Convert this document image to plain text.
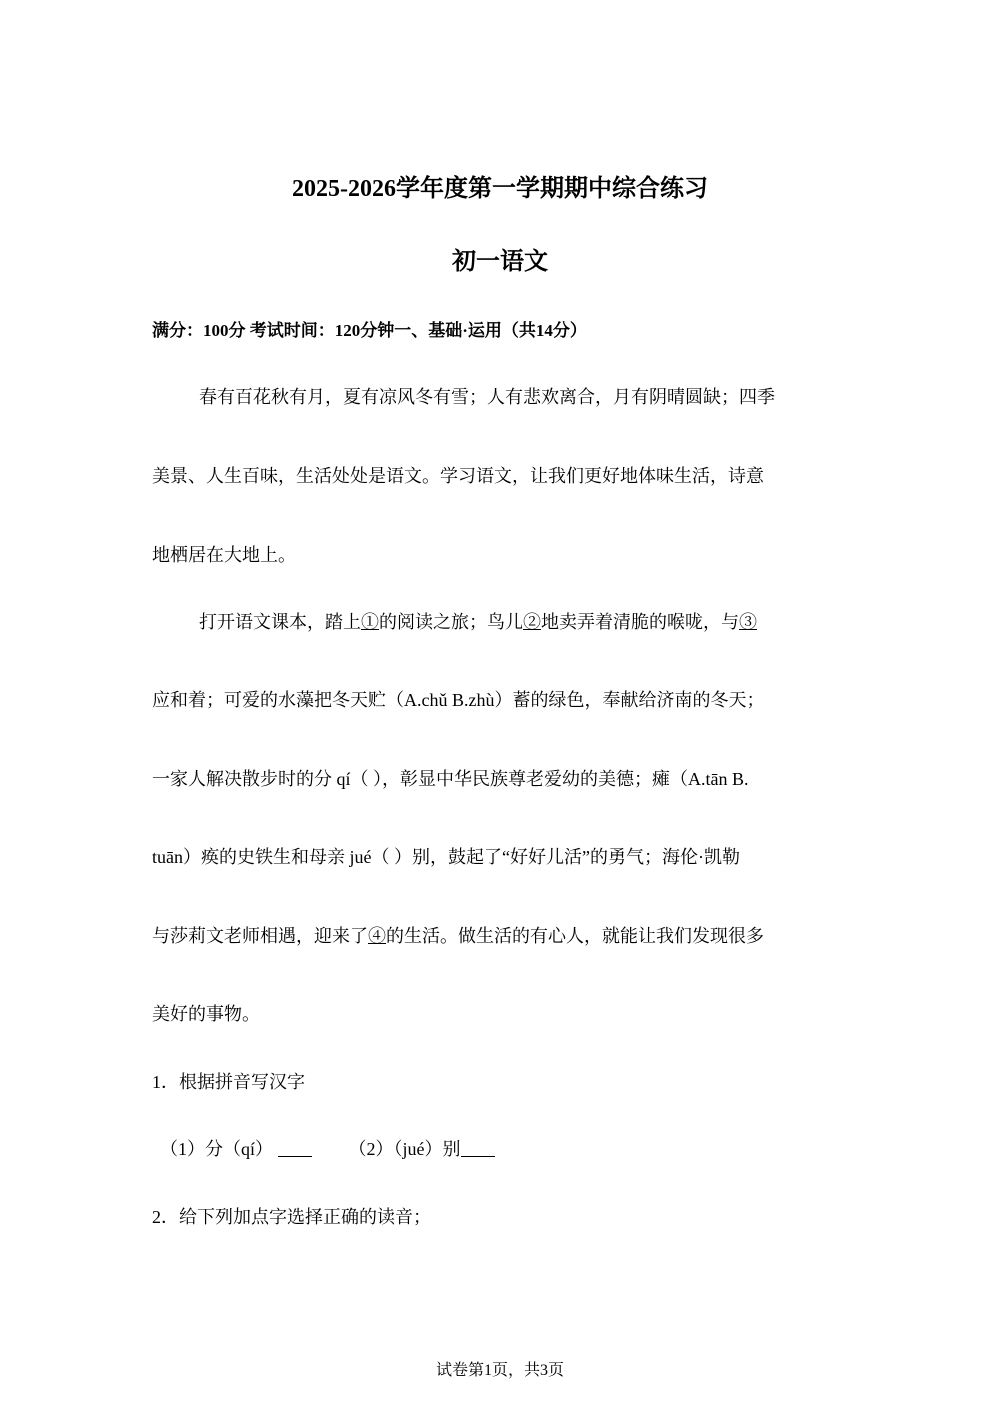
2025-2026学年度第一学期期中综合练习
初一语文
满分：100分 考试时间：120分钟一、基础·运用（共14分）
春有百花秋有月，夏有凉风冬有雪；人有悲欢离合，月有阴晴圆缺；四季
美景、人生百味，生活处处是语文。学习语文，让我们更好地体味生活，诗意
地栖居在大地上。
打开语文课本，踏上①的阅读之旅；鸟儿②地卖弄着清脆的喉咙，与③
应和着；可爱的水藻把冬天贮（A.chǔ B.zhù）蓄的绿色，奉献给济南的冬天；
一家人解决散步时的分 qí（ ），彰显中华民族尊老爱幼的美德；瘫（A.tān B.
tuān）痪的史铁生和母亲 jué（ ）别，鼓起了“好好儿活”的勇气；海伦·凯勒
与莎莉文老师相遇，迎来了④的生活。做生活的有心人，就能让我们发现很多
美好的事物。
1．根据拼音写汉字
（1）分（qí）	（2）（jué）别
2．给下列加点字选择正确的读音；
试卷第1页，共3页
